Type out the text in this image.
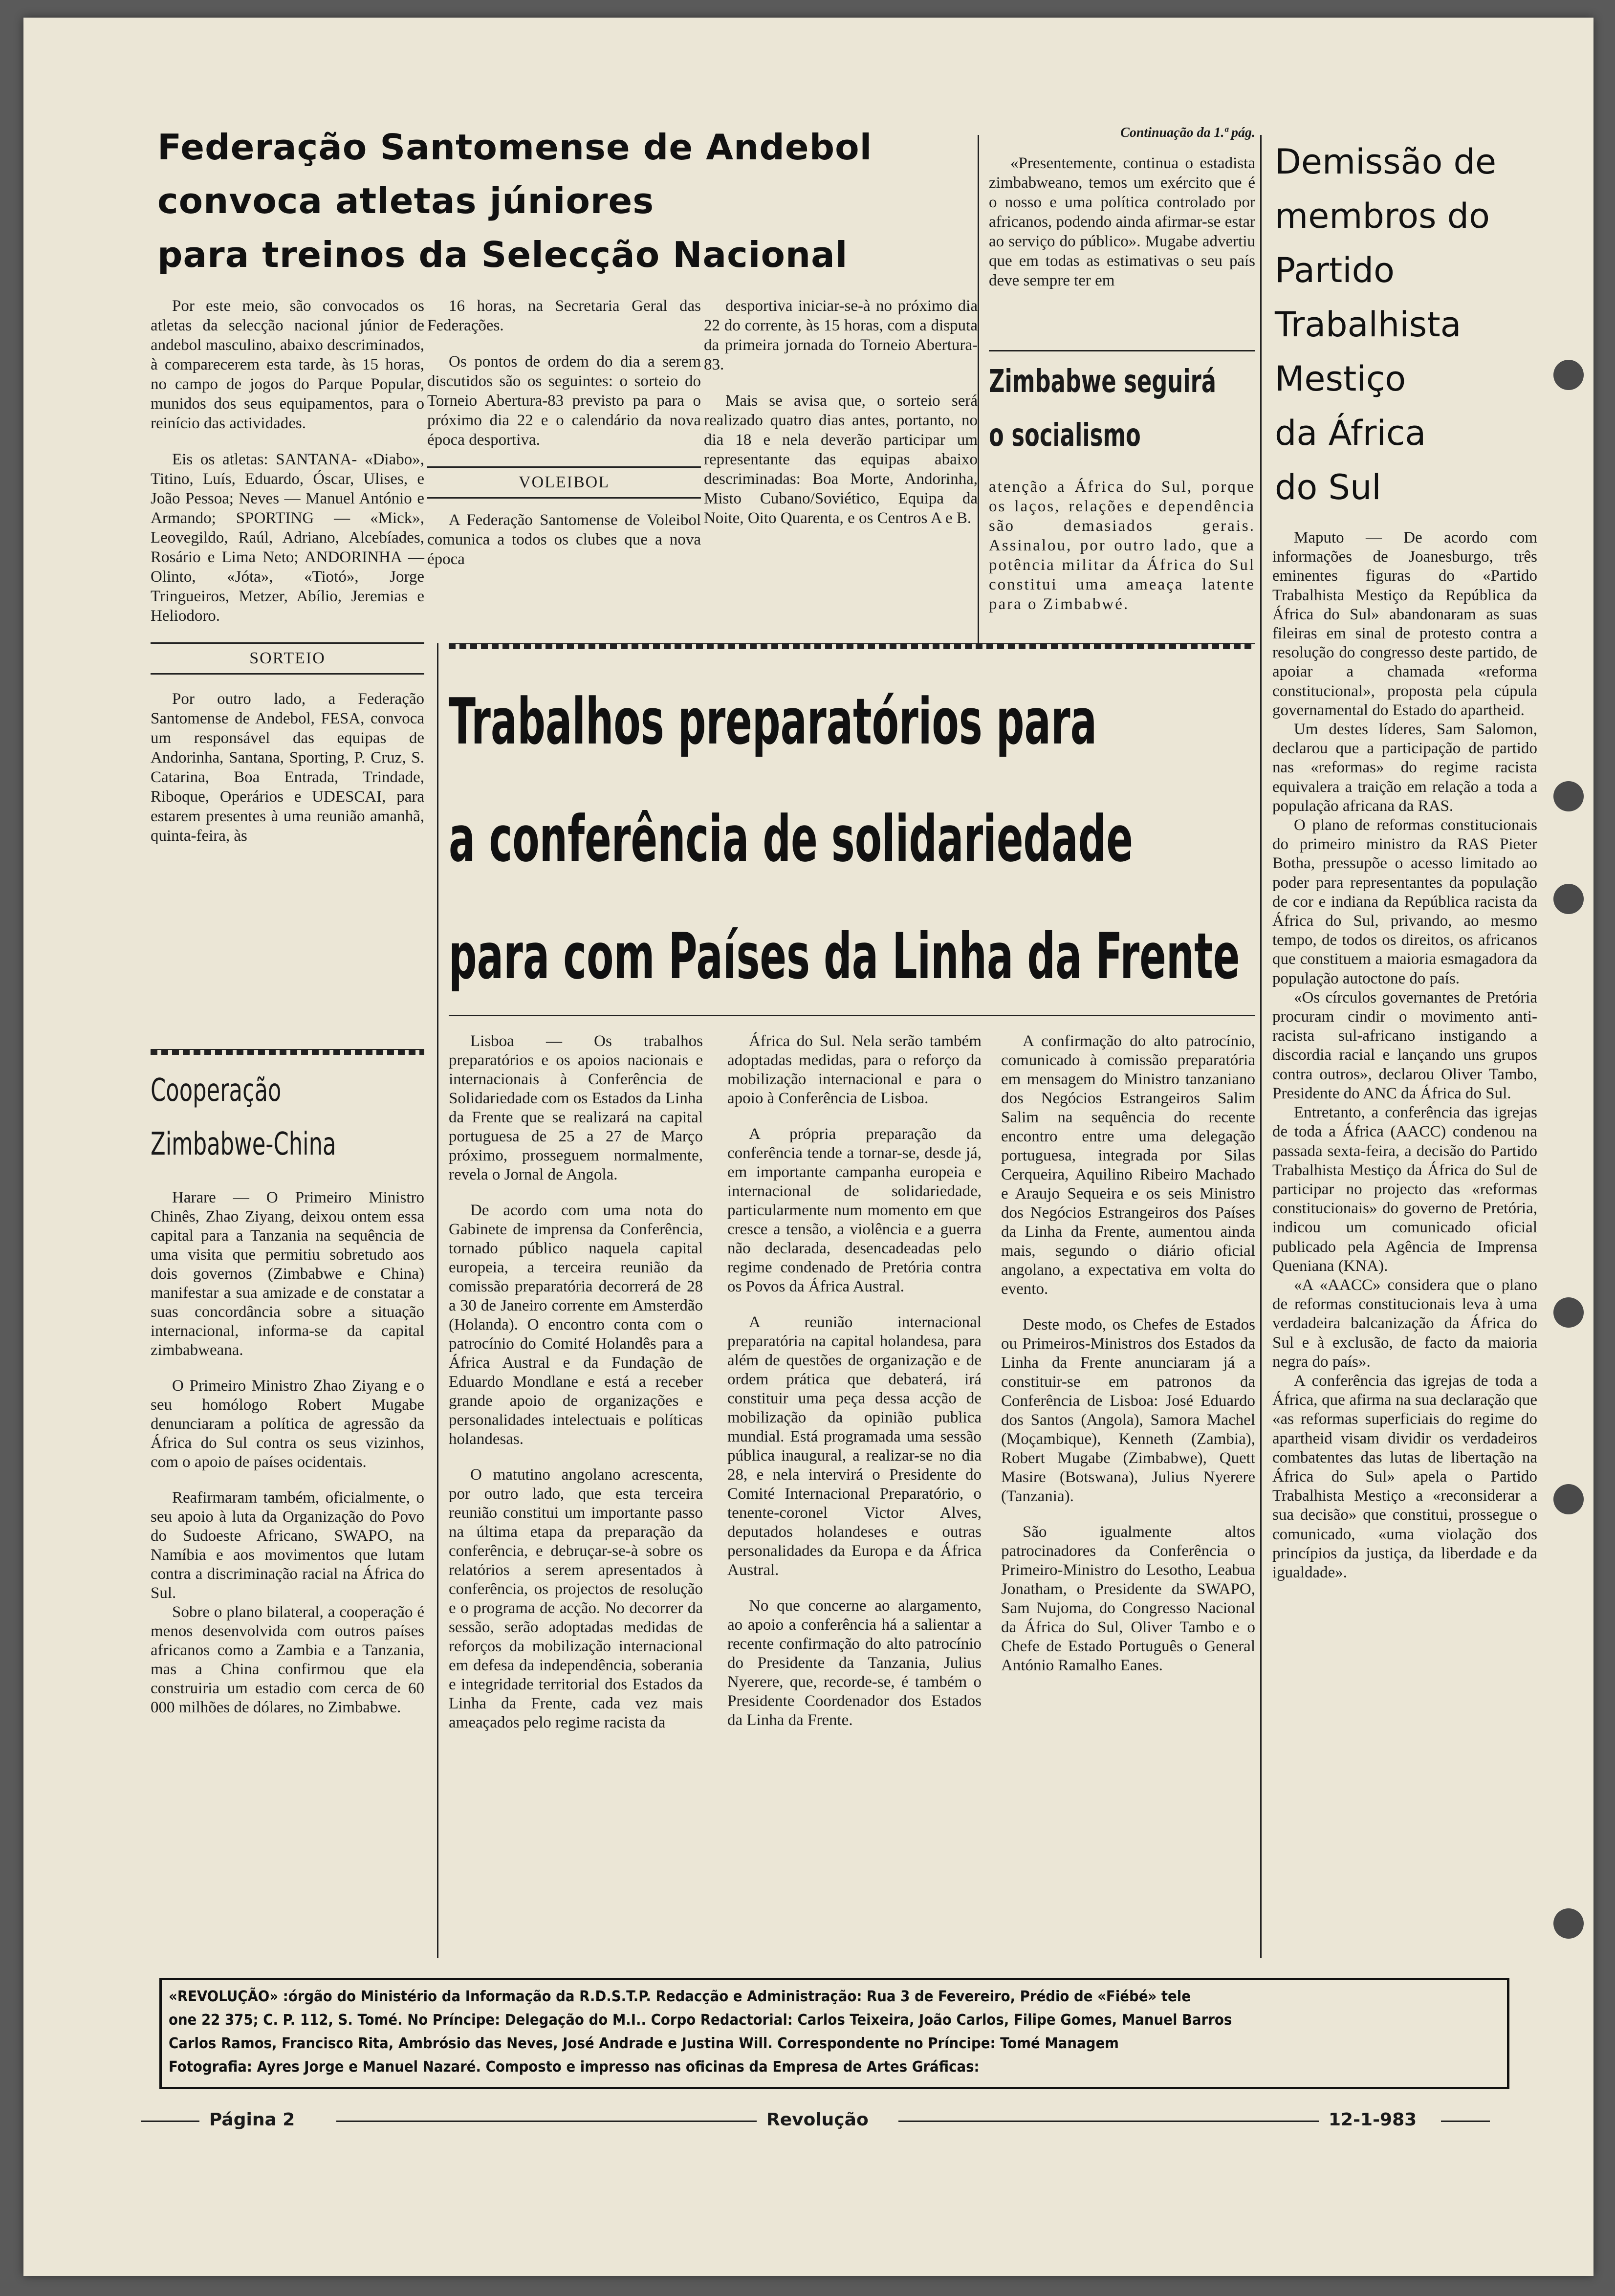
Federação Santomense de Andebol
convoca atletas júniores
para treinos da Selecção Nacional

Por este meio, são convocados os atletas da selecção nacional júnior de andebol masculino, abaixo descriminados, à comparecerem esta tarde, às 15 horas, no campo de jogos do Parque Popular, munidos dos seus equipamentos, para o reinício das actividades.

Eis os atletas: SANTANA- «Diabo», Titino, Luís, Eduardo, Óscar, Ulises, e João Pessoa; Neves — Manuel António e Armando; SPORTING — «Mick», Leovegildo, Raúl, Adriano, Alcebíades, Rosário e Lima Neto; ANDORINHA — Olinto, «Jóta», «Tiotó», Jorge Tringueiros, Metzer, Abílio, Jeremias e Heliodoro.

SORTEIO

Por outro lado, a Federação Santomense de Andebol, FESA, convoca um responsável das equipas de Andorinha, Santana, Sporting, P. Cruz, S. Catarina, Boa Entrada, Trindade, Riboque, Operários e UDESCAI, para estarem presentes à uma reunião amanhã, quinta-feira, às

16 horas, na Secretaria Geral das Federações.

Os pontos de ordem do dia a serem discutidos são os seguintes: o sorteio do Torneio Abertura-83 previsto pa para o próximo dia 22 e o calendário da nova época desportiva.

VOLEIBOL

A Federação Santomense de Voleibol comunica a todos os clubes que a nova época

desportiva iniciar-se-à no próximo dia 22 do corrente, às 15 horas, com a disputa da primeira jornada do Torneio Abertura-83.

Mais se avisa que, o sorteio será realizado quatro dias antes, portanto, no dia 18 e nela deverão participar um representante das equipas abaixo descriminadas: Boa Morte, Andorinha, Misto Cubano/Soviético, Equipa da Noite, Oito Quarenta, e os Centros A e B.

Continuação da 1.ª pág.

«Presentemente, continua o estadista zimbabweano, temos um exército que é o nosso e uma política controlado por africanos, podendo ainda afirmar-se estar ao serviço do público». Mugabe advertiu que em todas as estimativas o seu país deve sempre ter em

Zimbabwe seguirá
o socialismo

atenção a África do Sul, porque os laços, relações e dependência são demasiados gerais. Assinalou, por outro lado, que a potência militar da África do Sul constitui uma ameaça latente para o Zimbabwé.

Demissão de
membros do
Partido
Trabalhista
Mestiço
da África
do Sul

Maputo — De acordo com informações de Joanesburgo, três eminentes figuras do «Partido Trabalhista Mestiço da República da África do Sul» abandonaram as suas fileiras em sinal de protesto contra a resolução do congresso deste partido, de apoiar a chamada «reforma constitucional», proposta pela cúpula governamental do Estado do apartheid.

Um destes líderes, Sam Salomon, declarou que a participação de partido nas «reformas» do regime racista equivalera a traição em relação a toda a população africana da RAS.

O plano de reformas constitucionais do primeiro ministro da RAS Pieter Botha, pressupõe o acesso limitado ao poder para representantes da população de cor e indiana da República racista da África do Sul, privando, ao mesmo tempo, de todos os direitos, os africanos que constituem a maioria esmagadora da população autoctone do país.

«Os círculos governantes de Pretória procuram cindir o movimento anti-racista sul-africano instigando a discordia racial e lançando uns grupos contra outros», declarou Oliver Tambo, Presidente do ANC da África do Sul.

Entretanto, a conferência das igrejas de toda a África (AACC) condenou na passada sexta-feira, a decisão do Partido Trabalhista Mestiço da África do Sul de participar no projecto das «reformas constitucionais» do governo de Pretória, indicou um comunicado oficial publicado pela Agência de Imprensa Queniana (KNA).

«A «AACC» considera que o plano de reformas constitucionais leva à uma verdadeira balcanização da África do Sul e à exclusão, de facto da maioria negra do país».

A conferência das igrejas de toda a África, que afirma na sua declaração que «as reformas superficiais do regime do apartheid visam dividir os verdadeiros combatentes das lutas de libertação na África do Sul» apela o Partido Trabalhista Mestiço a «reconsiderar a sua decisão» que constitui, prossegue o comunicado, «uma violação dos princípios da justiça, da liberdade e da igualdade».

Trabalhos preparatórios para
a conferência de solidariedade
para com Países da Linha da Frente

Lisboa — Os trabalhos preparatórios e os apoios nacionais e internacionais à Conferência de Solidariedade com os Estados da Linha da Frente que se realizará na capital portuguesa de 25 a 27 de Março próximo, prosseguem normalmente, revela o Jornal de Angola.

De acordo com uma nota do Gabinete de imprensa da Conferência, tornado público naquela capital europeia, a terceira reunião da comissão preparatória decorrerá de 28 a 30 de Janeiro corrente em Amsterdão (Holanda). O encontro conta com o patrocínio do Comité Holandês para a África Austral e da Fundação de Eduardo Mondlane e está a receber grande apoio de organizações e personalidades intelectuais e políticas holandesas.

O matutino angolano acrescenta, por outro lado, que esta terceira reunião constitui um importante passo na última etapa da preparação da conferência, e debruçar-se-à sobre os relatórios a serem apresentados à conferência, os projectos de resolução e o programa de acção. No decorrer da sessão, serão adoptadas medidas de reforços da mobilização internacional em defesa da independência, soberania e integridade territorial dos Estados da Linha da Frente, cada vez mais ameaçados pelo regime racista da

África do Sul. Nela serão também adoptadas medidas, para o reforço da mobilização internacional e para o apoio à Conferência de Lisboa.

A própria preparação da conferência tende a tornar-se, desde já, em importante campanha europeia e internacional de solidariedade, particularmente num momento em que cresce a tensão, a violência e a guerra não declarada, desencadeadas pelo regime condenado de Pretória contra os Povos da África Austral.

A reunião internacional preparatória na capital holandesa, para além de questões de organização e de ordem prática que debaterá, irá constituir uma peça dessa acção de mobilização da opinião publica mundial. Está programada uma sessão pública inaugural, a realizar-se no dia 28, e nela intervirá o Presidente do Comité Internacional Preparatório, o tenente-coronel Victor Alves, deputados holandeses e outras personalidades da Europa e da África Austral.

No que concerne ao alargamento, ao apoio a conferência há a salientar a recente confirmação do alto patrocínio do Presidente da Tanzania, Julius Nyerere, que, recorde-se, é também o Presidente Coordenador dos Estados da Linha da Frente.

A confirmação do alto patrocínio, comunicado à comissão preparatória em mensagem do Ministro tanzaniano dos Negócios Estrangeiros Salim Salim na sequência do recente encontro entre uma delegação portuguesa, integrada por Silas Cerqueira, Aquilino Ribeiro Machado e Araujo Sequeira e os seis Ministro dos Negócios Estrangeiros dos Países da Linha da Frente, aumentou ainda mais, segundo o diário oficial angolano, a expectativa em volta do evento.

Deste modo, os Chefes de Estados ou Primeiros-Ministros dos Estados da Linha da Frente anunciaram já a constituir-se em patronos da Conferência de Lisboa: José Eduardo dos Santos (Angola), Samora Machel (Moçambique), Kenneth (Zambia), Robert Mugabe (Zimbabwe), Quett Masire (Botswana), Julius Nyerere (Tanzania).

São igualmente altos patrocinadores da Conferência o Primeiro-Ministro do Lesotho, Leabua Jonatham, o Presidente da SWAPO, Sam Nujoma, do Congresso Nacional da África do Sul, Oliver Tambo e o Chefe de Estado Português o General António Ramalho Eanes.

Cooperação
Zimbabwe-China

Harare — O Primeiro Ministro Chinês, Zhao Ziyang, deixou ontem essa capital para a Tanzania na sequência de uma visita que permitiu sobretudo aos dois governos (Zimbabwe e China) manifestar a sua amizade e de constatar a suas concordância sobre a situação internacional, informa-se da capital zimbabweana.

O Primeiro Ministro Zhao Ziyang e o seu homólogo Robert Mugabe denunciaram a política de agressão da África do Sul contra os seus vizinhos, com o apoio de países ocidentais.

Reafirmaram também, oficialmente, o seu apoio à luta da Organização do Povo do Sudoeste Africano, SWAPO, na Namíbia e aos movimentos que lutam contra a discriminação racial na África do Sul.

Sobre o plano bilateral, a cooperação é menos desenvolvida com outros países africanos como a Zambia e a Tanzania, mas a China confirmou que ela construiria um estadio com cerca de 60 000 milhões de dólares, no Zimbabwe.

«REVOLUÇÃO» :órgão do Ministério da Informação da R.D.S.T.P. Redacção e Administração: Rua 3 de Fevereiro, Prédio de «Fiébé» tele
one 22 375; C. P. 112, S. Tomé. No Príncipe: Delegação do M.I.. Corpo Redactorial: Carlos Teixeira, João Carlos, Filipe Gomes, Manuel Barros
Carlos Ramos, Francisco Rita, Ambrósio das Neves, José Andrade e Justina Will. Correspondente no Príncipe: Tomé Managem
Fotografia: Ayres Jorge e Manuel Nazaré. Composto e impresso nas oficinas da Empresa de Artes Gráficas:
Página 2	Revolução	12-1-983
